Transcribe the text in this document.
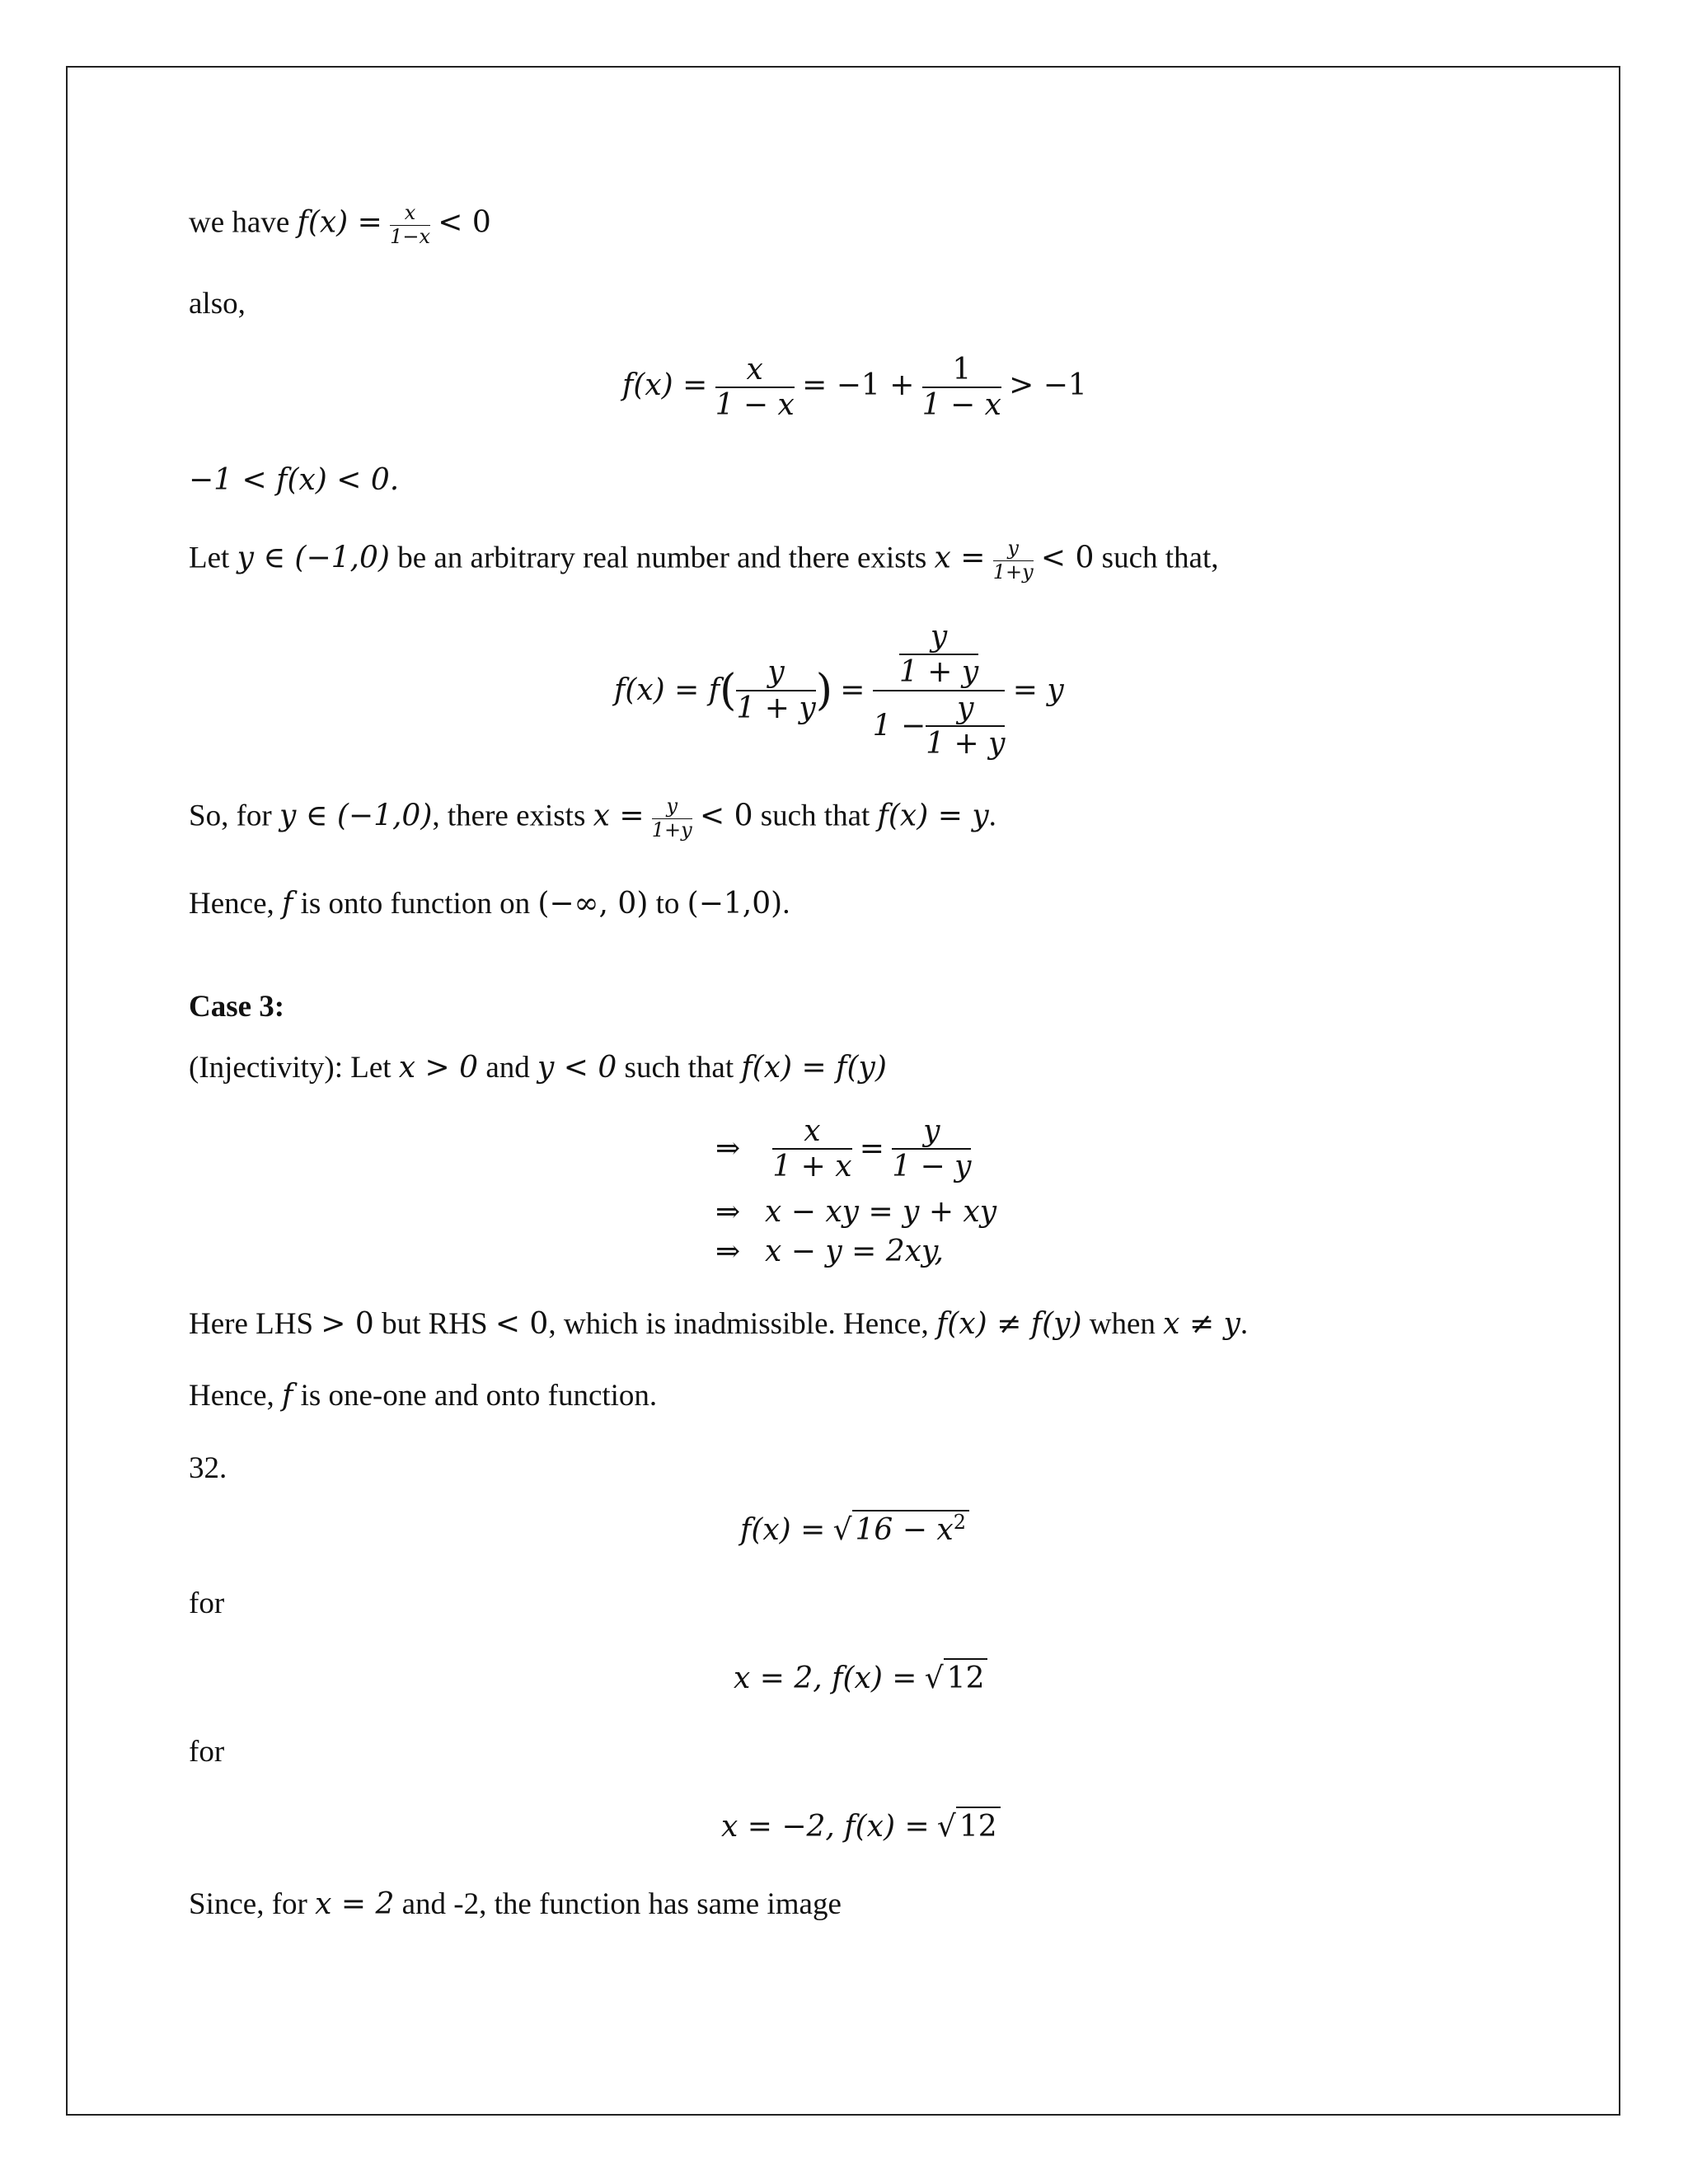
we have $f(x) = \frac{x}{1-x} < 0$
also,
$f(x) = \frac{x}{1 - x} = -1 + \frac{1}{1 - x} > -1$
−1 < f(x) < 0.
Let y ∈ (−1,0) be an arbitrary real number and there exists $x = \frac{y}{1+y} < 0$ such that,
$f(x) = f( \frac{y}{1 + y}$ ) = $\frac{\frac{y}{1 + y}}{1 - \frac{y}{1 + y}} = y$
So, for y ∈ (−1,0), there exists $x = \frac{y}{1+y} < 0$ such that f(x) = y.
Hence, f is onto function on (−∞, 0) to (−1,0).
Case 3:
(Injectivity): Let x > 0 and y < 0 such that f(x) = f(y)
⇒ $\frac{x}{1 + x} = \frac{y}{1 - y}$
⇒ x − xy = y + xy
⇒ x − y = 2xy,
Here LHS > 0 but RHS < 0, which is inadmissible. Hence, f(x) ≠ f(y) when x ≠ y.
Hence, f is one-one and onto function.
32.
f(x) = √ $16 - x^2$
for
x = 2, f(x) = √ 12
for
x = −2, f(x) = √ 12
Since, for x = 2 and -2, the function has same image
